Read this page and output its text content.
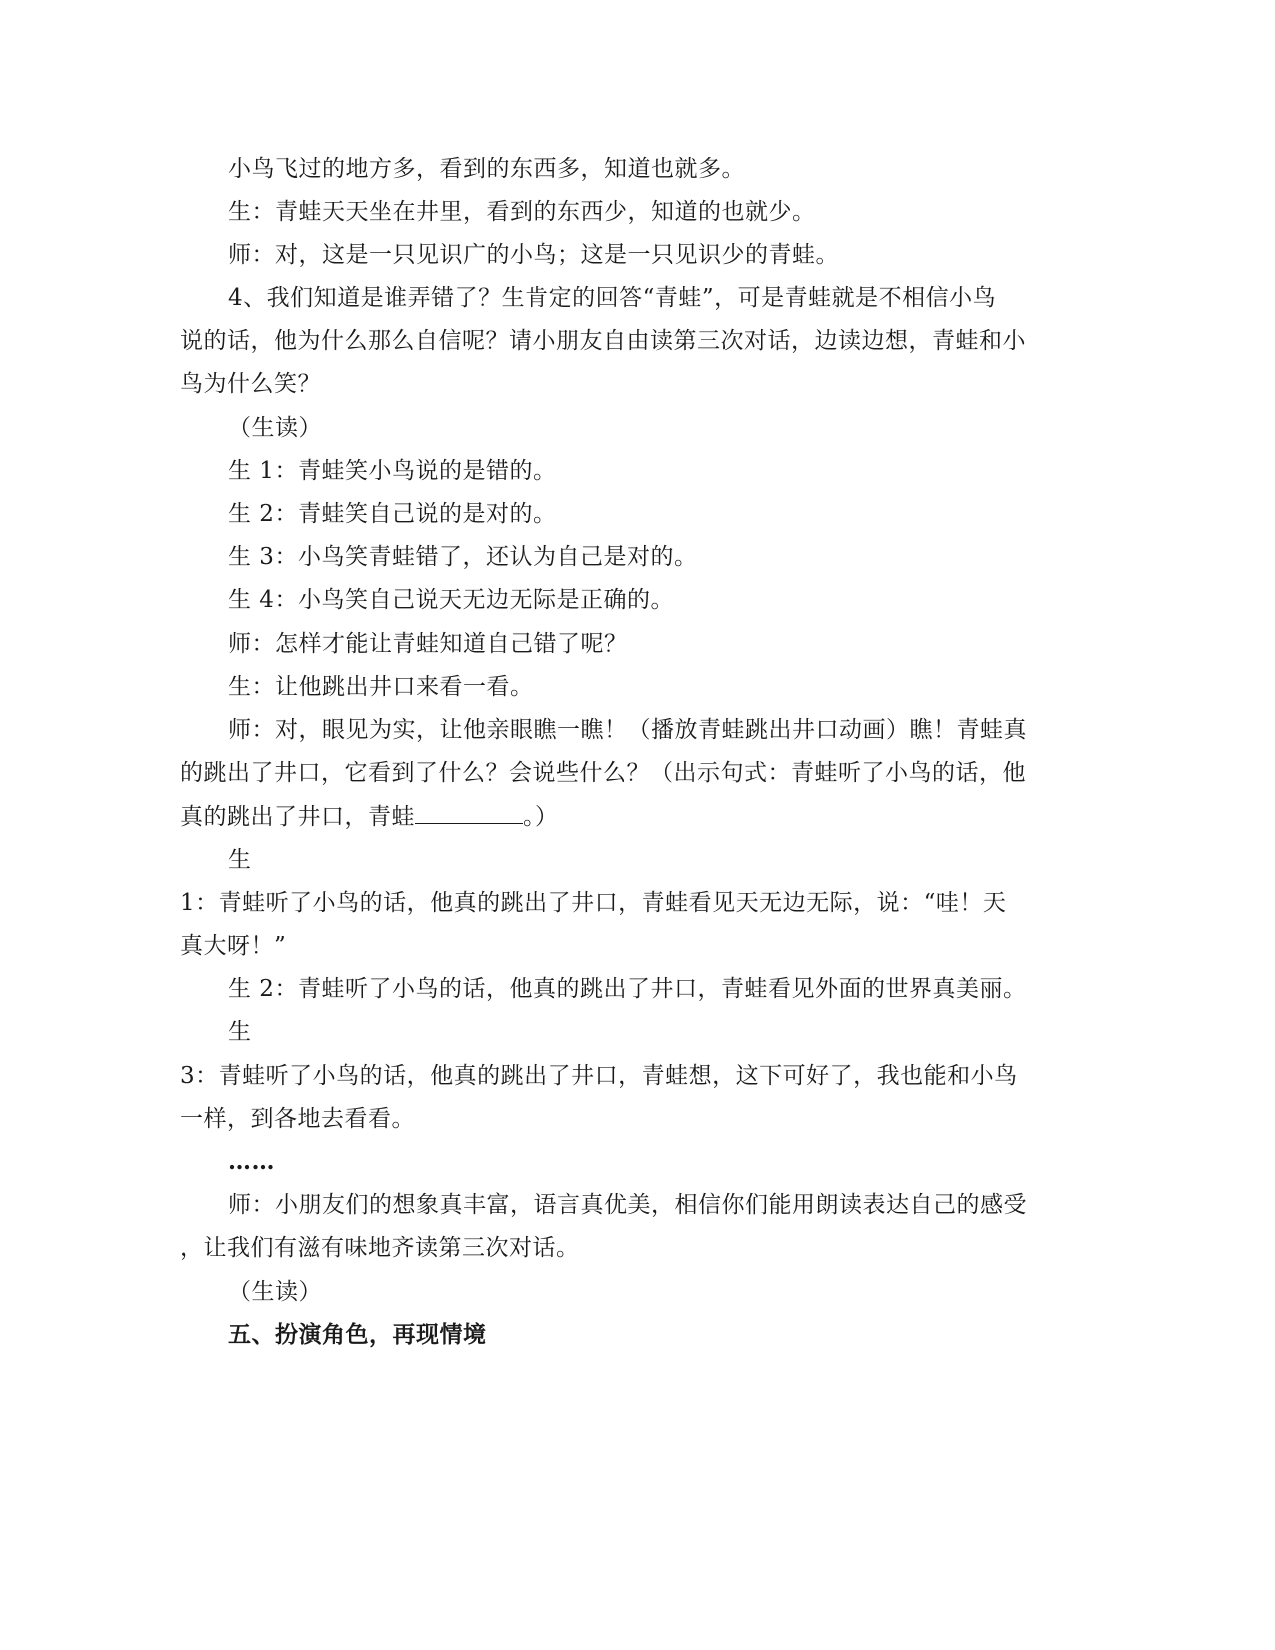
小鸟飞过的地方多，看到的东西多，知道也就多。
生：青蛙天天坐在井里，看到的东西少，知道的也就少。
师：对，这是一只见识广的小鸟；这是一只见识少的青蛙。
4、我们知道是谁弄错了？生肯定的回答“青蛙”，可是青蛙就是不相信小鸟
说的话，他为什么那么自信呢？请小朋友自由读第三次对话，边读边想，青蛙和小
鸟为什么笑？
（生读）
生 1：青蛙笑小鸟说的是错的。
生 2：青蛙笑自己说的是对的。
生 3：小鸟笑青蛙错了，还认为自己是对的。
生 4：小鸟笑自己说天无边无际是正确的。
师：怎样才能让青蛙知道自己错了呢？
生：让他跳出井口来看一看。
师：对，眼见为实，让他亲眼瞧一瞧！（播放青蛙跳出井口动画）瞧！青蛙真
的跳出了井口，它看到了什么？会说些什么？（出示句式：青蛙听了小鸟的话，他
真的跳出了井口，青蛙	。）
生
1：青蛙听了小鸟的话，他真的跳出了井口，青蛙看见天无边无际，说：“哇！天
真大呀！”
生 2：青蛙听了小鸟的话，他真的跳出了井口，青蛙看见外面的世界真美丽。
生
3：青蛙听了小鸟的话，他真的跳出了井口，青蛙想，这下可好了，我也能和小鸟
一样，到各地去看看。
……
师：小朋友们的想象真丰富，语言真优美，相信你们能用朗读表达自己的感受
，让我们有滋有味地齐读第三次对话。
（生读）
五、扮演角色，再现情境
